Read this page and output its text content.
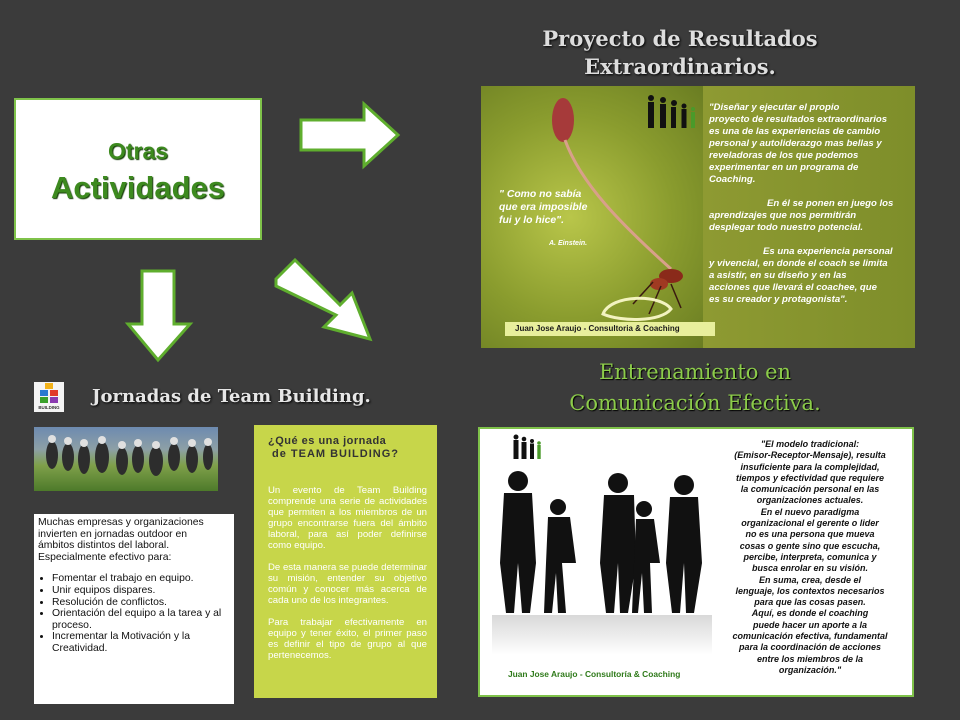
Otras
Actividades
Proyecto de Resultados
Extraordinarios.
" Como no sabía
que era imposible
fui y lo hice".
A. Einstein.
"Diseñar y ejecutar el propio
proyecto de resultados extraordinarios
es una de las experiencias de cambio
personal y autoliderazgo mas bellas y
reveladoras de los que podemos
experimentar en un programa de
Coaching.
En él se ponen en juego los
aprendizajes que nos permitirán
desplegar todo nuestro potencial.
Es una experiencia personal
y vivencial, en donde el coach se limita
a asistir, en su diseño y en las
acciones que llevará el coachee, que
es su creador y protagonista".
Juan Jose Araujo - Consultoria & Coaching
BUILDING
Jornadas de Team Building.
Muchas empresas y organizaciones
invierten en jornadas outdoor en
ámbitos distintos del laboral.
Especialmente efectivo para:
• Fomentar el trabajo en equipo.
• Unir equipos dispares.
• Resolución de conflictos.
• Orientación del equipo a la tarea y al proceso.
• Incrementar la Motivación y la Creatividad.
¿Qué es una jornada
de TEAM BUILDING?
Un evento de Team Building comprende una serie de actividades que permiten a los miembros de un grupo encontrarse fuera del ámbito laboral, para así poder definirse como equipo.
De esta manera se puede determinar su misión, entender su objetivo común y conocer más acerca de cada uno de los integrantes.
Para trabajar efectivamente en equipo y tener éxito, el primer paso es definir el tipo de grupo al que pertenecemos.
Entrenamiento en
Comunicación Efectiva.
"El modelo tradicional:
(Emisor-Receptor-Mensaje), resulta
insuficiente para la complejidad,
tiempos y efectividad que requiere
la comunicación personal en las
organizaciones actuales.
En el nuevo paradigma
organizacional el gerente o lider
no es una persona que mueva
cosas o gente sino que escucha,
percibe, interpreta, comunica y
busca enrolar en su visión.
En suma, crea, desde el
lenguaje, los contextos necesarios
para que las cosas pasen.
Aquí, es donde el coaching
puede hacer un aporte a la
comunicación efectiva, fundamental
para la coordinación de acciones
entre los miembros de la
organización."
Juan Jose Araujo - Consultoría & Coaching
